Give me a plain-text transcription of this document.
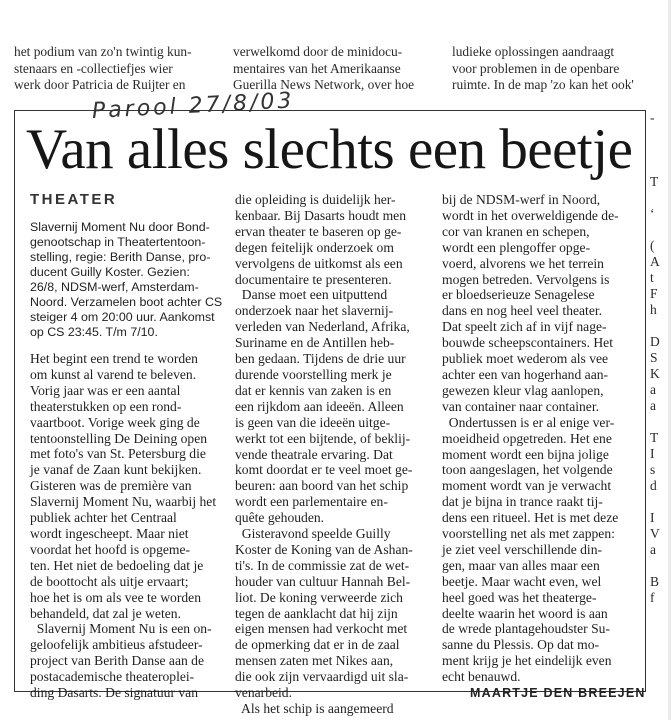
het podium van zo'n twintig kun-
stenaars en -collectiefjes wier
werk door Patricia de Ruijter en
verwelkomd door de minidocu-
mentaires van het Amerikaanse
Guerilla News Network, over hoe
ludieke oplossingen aandraagt
voor problemen in de openbare
ruimte. In de map 'zo kan het ook'
Parool 27/8/03
Van alles slechts een beetje
THEATER
Slavernij Moment Nu door Bond-
genootschap in Theatertentoon-
stelling, regie: Berith Danse, pro-
ducent Guilly Koster. Gezien:
26/8, NDSM-werf, Amsterdam-
Noord. Verzamelen boot achter CS
steiger 4 om 20:00 uur. Aankomst
op CS 23:45. T/m 7/10.
Het begint een trend te worden
om kunst al varend te beleven.
Vorig jaar was er een aantal
theaterstukken op een rond-
vaartboot. Vorige week ging de
tentoonstelling De Deining open
met foto's van St. Petersburg die
je vanaf de Zaan kunt bekijken.
Gisteren was de première van
Slavernij Moment Nu, waarbij het
publiek achter het Centraal
wordt ingescheept. Maar niet
voordat het hoofd is opgeme-
ten. Het niet de bedoeling dat je
de boottocht als uitje ervaart;
hoe het is om als vee te worden
behandeld, dat zal je weten.
Slavernij Moment Nu is een on-
geloofelijk ambitieus afstudeer-
project van Berith Danse aan de
postacademische theateroplei-
ding Dasarts. De signatuur van
die opleiding is duidelijk her-
kenbaar. Bij Dasarts houdt men
ervan theater te baseren op ge-
degen feitelijk onderzoek om
vervolgens de uitkomst als een
documentaire te presenteren.
Danse moet een uitputtend
onderzoek naar het slavernij-
verleden van Nederland, Afrika,
Suriname en de Antillen heb-
ben gedaan. Tijdens de drie uur
durende voorstelling merk je
dat er kennis van zaken is en
een rijkdom aan ideeën. Alleen
is geen van die ideeën uitge-
werkt tot een bijtende, of beklij-
vende theatrale ervaring. Dat
komt doordat er te veel moet ge-
beuren: aan boord van het schip
wordt een parlementaire en-
quête gehouden.
Gisteravond speelde Guilly
Koster de Koning van de Ashan-
ti's. In de commissie zat de wet-
houder van cultuur Hannah Bel-
liot. De koning verweerde zich
tegen de aanklacht dat hij zijn
eigen mensen had verkocht met
de opmerking dat er in de zaal
mensen zaten met Nikes aan,
die ook zijn vervaardigd uit sla-
venarbeid.
Als het schip is aangemeerd
bij de NDSM-werf in Noord,
wordt in het overweldigende de-
cor van kranen en schepen,
wordt een plengoffer opge-
voerd, alvorens we het terrein
mogen betreden. Vervolgens is
er bloedserieuze Senagelese
dans en nog heel veel theater.
Dat speelt zich af in vijf nage-
bouwde scheepscontainers. Het
publiek moet wederom als vee
achter een van hogerhand aan-
gewezen kleur vlag aanlopen,
van container naar container.
Ondertussen is er al enige ver-
moeidheid opgetreden. Het ene
moment wordt een bijna jolige
toon aangeslagen, het volgende
moment wordt van je verwacht
dat je bijna in trance raakt tij-
dens een ritueel. Het is met deze
voorstelling net als met zappen:
je ziet veel verschillende din-
gen, maar van alles maar een
beetje. Maar wacht even, wel
heel goed was het theaterge-
deelte waarin het woord is aan
de wrede plantagehoudster Su-
sanne du Plessis. Op dat mo-
ment krijg je het eindelijk even
echt benauwd.
MAARTJE DEN BREEJEN
-

T

‘

(
A
t
F
h

D
S
K
a
a

T
I
s
d

I
V
a

B
f
